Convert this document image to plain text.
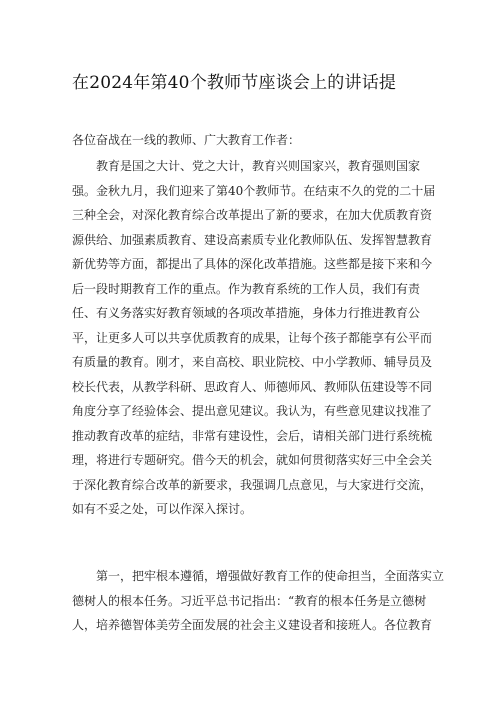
在2024年第40个教师节座谈会上的讲话提
各位奋战在一线的教师、广大教育工作者：
教育是国之大计、党之大计，教育兴则国家兴，教育强则国家
强。金秋九月，我们迎来了第40个教师节。在结束不久的党的二十届
三种全会，对深化教育综合改革提出了新的要求，在加大优质教育资
源供给、加强素质教育、建设高素质专业化教师队伍、发挥智慧教育
新优势等方面，都提出了具体的深化改革措施。这些都是接下来和今
后一段时期教育工作的重点。作为教育系统的工作人员，我们有责
任、有义务落实好教育领域的各项改革措施，身体力行推进教育公
平，让更多人可以共享优质教育的成果，让每个孩子都能享有公平而
有质量的教育。刚才，来自高校、职业院校、中小学教师、辅导员及
校长代表，从教学科研、思政育人、师德师风、教师队伍建设等不同
角度分享了经验体会、提出意见建议。我认为，有些意见建议找准了
推动教育改革的症结，非常有建设性，会后，请相关部门进行系统梳
理，将进行专题研究。借今天的机会，就如何贯彻落实好三中全会关
于深化教育综合改革的新要求，我强调几点意见，与大家进行交流，
如有不妥之处，可以作深入探讨。
第一，把牢根本遵循，增强做好教育工作的使命担当，全面落实立
德树人的根本任务。习近平总书记指出：“教育的根本任务是立德树
人，培养德智体美劳全面发展的社会主义建设者和接班人。各位教育
